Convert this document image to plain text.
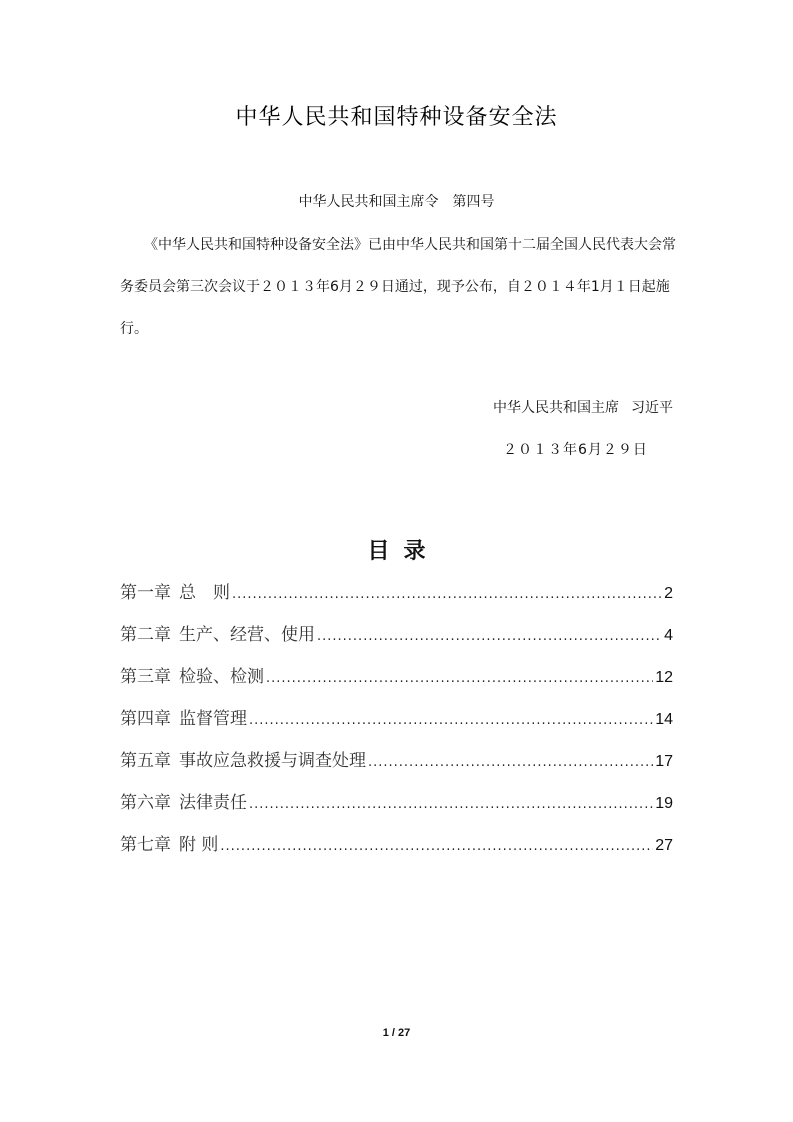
中华人民共和国特种设备安全法
中华人民共和国主席令 第四号
《中华人民共和国特种设备安全法》已由中华人民共和国第十二届全国人民代表大会常务委员会第三次会议于２０１３年6月２９日通过，现予公布，自２０１４年1月１日起施行。
中华人民共和国主席 习近平
２０１３年6月２９日
目录
第一章 总　则 .....	2
第二章 生产、经营、使用 .....	4
第三章 检验、检测 .....	12
第四章 监督管理 .....	14
第五章 事故应急救援与调查处理 .....	17
第六章 法律责任 .....	19
第七章 附 则 .....	27
1 / 27
